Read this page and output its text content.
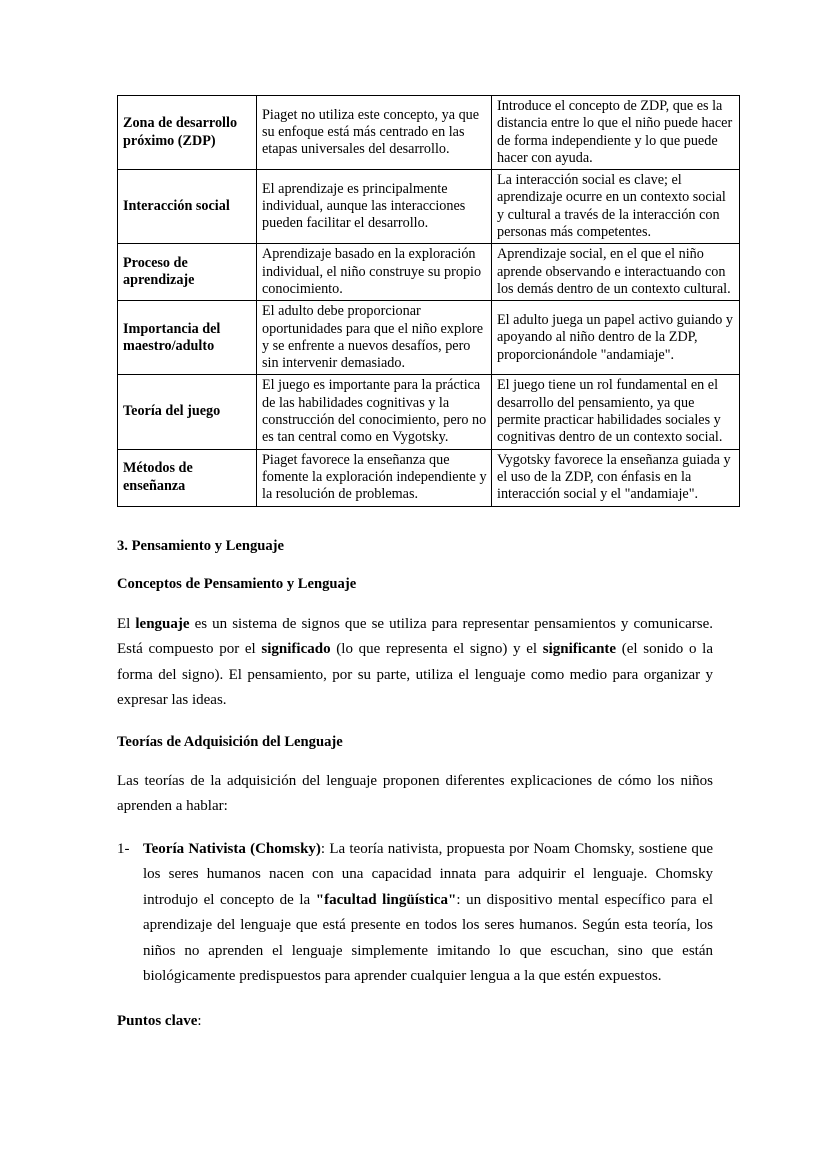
Zona de desarrollo próximo (ZDP)	Piaget no utiliza este concepto, ya que su enfoque está más centrado en las etapas universales del desarrollo.	Introduce el concepto de ZDP, que es la distancia entre lo que el niño puede hacer de forma independiente y lo que puede hacer con ayuda.
Interacción social	El aprendizaje es principalmente individual, aunque las interacciones pueden facilitar el desarrollo.	La interacción social es clave; el aprendizaje ocurre en un contexto social y cultural a través de la interacción con personas más competentes.
Proceso de aprendizaje	Aprendizaje basado en la exploración individual, el niño construye su propio conocimiento.	Aprendizaje social, en el que el niño aprende observando e interactuando con los demás dentro de un contexto cultural.
Importancia del maestro/adulto	El adulto debe proporcionar oportunidades para que el niño explore y se enfrente a nuevos desafíos, pero sin intervenir demasiado.	El adulto juega un papel activo guiando y apoyando al niño dentro de la ZDP, proporcionándole "andamiaje".
Teoría del juego	El juego es importante para la práctica de las habilidades cognitivas y la construcción del conocimiento, pero no es tan central como en Vygotsky.	El juego tiene un rol fundamental en el desarrollo del pensamiento, ya que permite practicar habilidades sociales y cognitivas dentro de un contexto social.
Métodos de enseñanza	Piaget favorece la enseñanza que fomente la exploración independiente y la resolución de problemas.	Vygotsky favorece la enseñanza guiada y el uso de la ZDP, con énfasis en la interacción social y el "andamiaje".
3. Pensamiento y Lenguaje
Conceptos de Pensamiento y Lenguaje

El lenguaje es un sistema de signos que se utiliza para representar pensamientos y comunicarse. Está compuesto por el significado (lo que representa el signo) y el significante (el sonido o la forma del signo). El pensamiento, por su parte, utiliza el lenguaje como medio para organizar y expresar las ideas.

Teorías de Adquisición del Lenguaje

Las teorías de la adquisición del lenguaje proponen diferentes explicaciones de cómo los niños aprenden a hablar:

1- Teoría Nativista (Chomsky): La teoría nativista, propuesta por Noam Chomsky, sostiene que los seres humanos nacen con una capacidad innata para adquirir el lenguaje. Chomsky introdujo el concepto de la "facultad lingüística": un dispositivo mental específico para el aprendizaje del lenguaje que está presente en todos los seres humanos. Según esta teoría, los niños no aprenden el lenguaje simplemente imitando lo que escuchan, sino que están biológicamente predispuestos para aprender cualquier lengua a la que estén expuestos.
Puntos clave:
